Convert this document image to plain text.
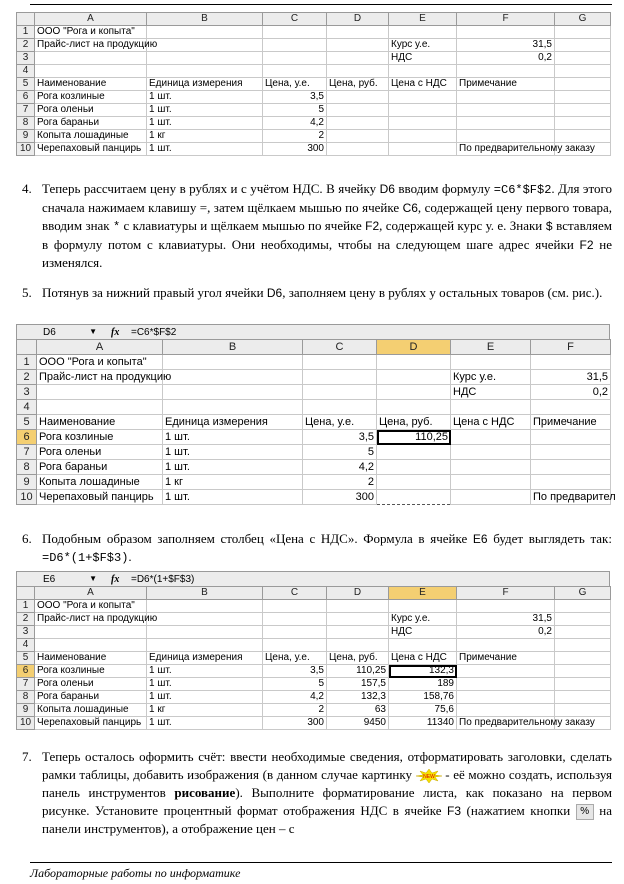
	A	B	C	D	E	F	G
1	ООО "Рога и копыта"						
2	Прайс-лист на продукцию				Курс у.е.	31,5	
3					НДС	0,2	
4							
5	Наименование	Единица измерения	Цена, у.е.	Цена, руб.	Цена с НДС	Примечание	
6	Рога козлиные	1 шт.	3,5				
7	Рога оленьи	1 шт.	5				
8	Рога бараньи	1 шт.	4,2				
9	Копыта лошадиные	1 кг	2				
10	Черепаховый панцирь	1 шт.	300			По предварительному заказу	
4. Теперь рассчитаем цену в рублях и с учётом НДС. В ячейку D6 вводим формулу =C6*$F$2. Для этого сначала нажимаем клавишу =, затем щёлкаем мышью по ячейке C6, содержащей цену первого товара, вводим знак * с клавиатуры и щёлкаем мышью по ячейке F2, содержащей курс у. е. Знаки $ вставляем в формулу потом с клавиатуры. Они необходимы, чтобы на следующем шаге адрес ячейки F2 не изменялся.
5. Потянув за нижний правый угол ячейки D6, заполняем цену в рублях у остальных товаров (см. рис.).
D6	▼ fx	=C6*$F$2
	A	B	C	D	E	F
1	ООО "Рога и копыта"					
2	Прайс-лист на продукцию				Курс у.е.	31,5
3					НДС	0,2
4						
5	Наименование	Единица измерения	Цена, у.е.	Цена, руб.	Цена с НДС	Примечание
6	Рога козлиные	1 шт.	3,5	110,25		
7	Рога оленьи	1 шт.	5			
8	Рога бараньи	1 шт.	4,2			
9	Копыта лошадиные	1 кг	2			
10	Черепаховый панцирь	1 шт.	300			По предварител
6. Подобным образом заполняем столбец «Цена с НДС». Формула в ячейке E6 будет выглядеть так: =D6*(1+$F$3).
E6	▼ fx	=D6*(1+$F$3)
	A	B	C	D	E	F	G
1	ООО "Рога и копыта"						
2	Прайс-лист на продукцию				Курс у.е.	31,5	
3					НДС	0,2	
4							
5	Наименование	Единица измерения	Цена, у.е.	Цена, руб.	Цена с НДС	Примечание	
6	Рога козлиные	1 шт.	3,5	110,25	132,3		
7	Рога оленьи	1 шт.	5	157,5	189		
8	Рога бараньи	1 шт.	4,2	132,3	158,76		
9	Копыта лошадиные	1 кг	2	63	75,6		
10	Черепаховый панцирь	1 шт.	300	9450	11340	По предварительному заказу	
7. Теперь осталось оформить счёт: ввести необходимые сведения, отформатировать заголовки, сделать рамки таблицы, добавить изображения (в данном случае картинку NEW - её можно создать, используя панель инструментов рисование). Выполните форматирование листа, как показано на первом рисунке. Установите процентный формат отображения НДС в ячейке F3 (нажатием кнопки % на панели инструментов), а отображение цен – с
Лабораторные работы по информатике
